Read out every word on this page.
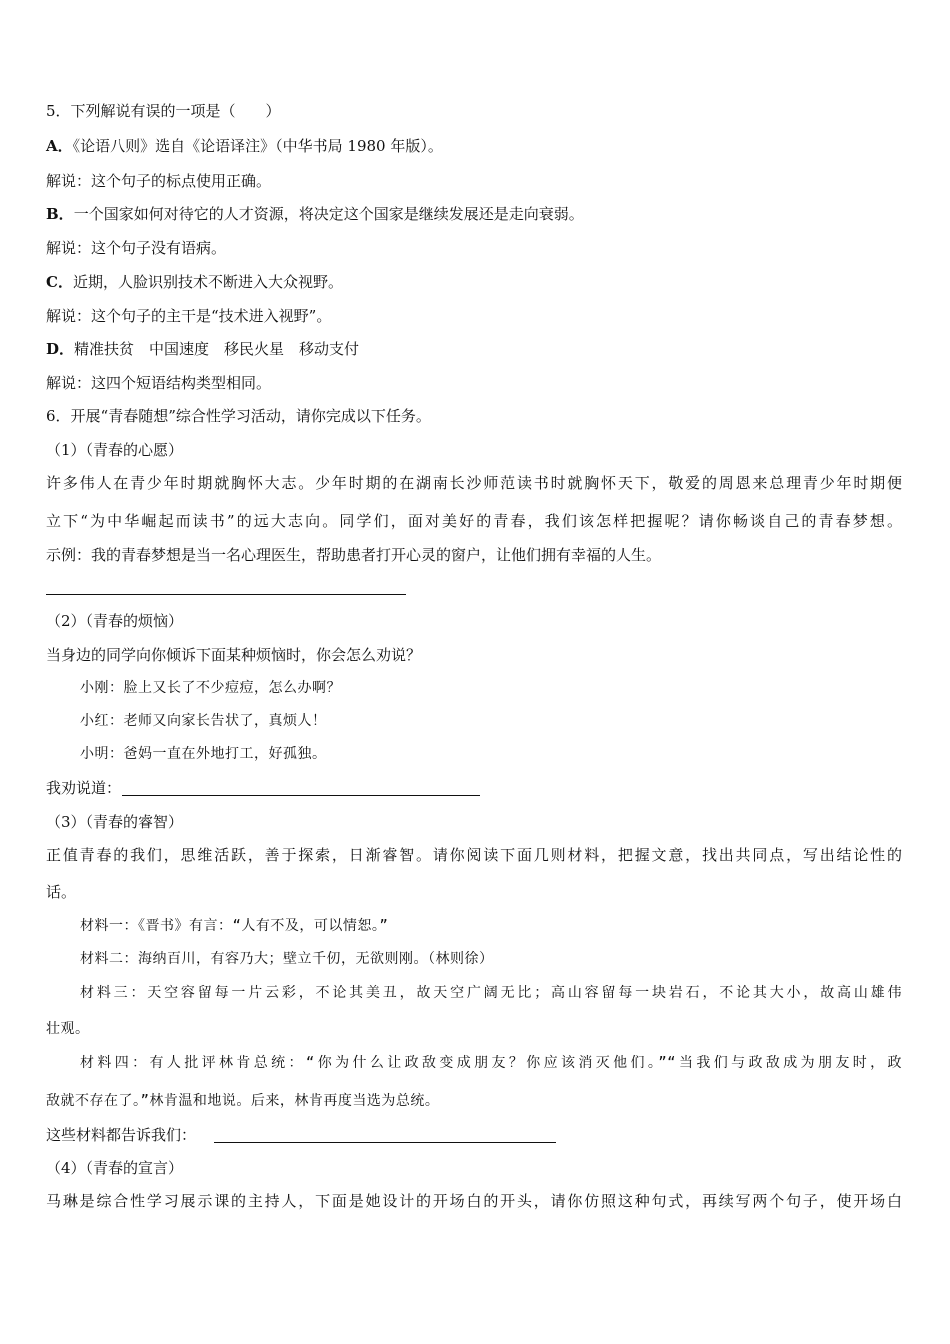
5．下列解说有误的一项是（　　）
A．《论语八则》选自《论语译注》（中华书局 1980 年版）。
解说：这个句子的标点使用正确。
B．一个国家如何对待它的人才资源，将决定这个国家是继续发展还是走向衰弱。
解说：这个句子没有语病。
C．近期，人脸识别技术不断进入大众视野。
解说：这个句子的主干是“技术进入视野”。
D．精准扶贫　中国速度　移民火星　移动支付
解说：这四个短语结构类型相同。
6．开展“青春随想”综合性学习活动，请你完成以下任务。
（1）（青春的心愿）
许多伟人在青少年时期就胸怀大志。少年时期的在湖南长沙师范读书时就胸怀天下，敬爱的周恩来总理青少年时期便
立下“为中华崛起而读书”的远大志向。同学们，面对美好的青春，我们该怎样把握呢？请你畅谈自己的青春梦想。
示例：我的青春梦想是当一名心理医生，帮助患者打开心灵的窗户，让他们拥有幸福的人生。
（2）（青春的烦恼）
当身边的同学向你倾诉下面某种烦恼时，你会怎么劝说？
小刚：脸上又长了不少痘痘，怎么办啊？
小红：老师又向家长告状了，真烦人！
小明：爸妈一直在外地打工，好孤独。
我劝说道：
（3）（青春的睿智）
正值青春的我们，思维活跃，善于探索，日渐睿智。请你阅读下面几则材料，把握文意，找出共同点，写出结论性的
话。
材料一：《晋书》有言：“人有不及，可以情恕。”
材料二：海纳百川，有容乃大；壁立千仞，无欲则刚。（林则徐）
材料三：天空容留每一片云彩，不论其美丑，故天空广阔无比；高山容留每一块岩石，不论其大小，故高山雄伟
壮观。
材料四：有人批评林肯总统：“你为什么让政敌变成朋友？你应该消灭他们。”“当我们与政敌成为朋友时，政
敌就不存在了。”林肯温和地说。后来，林肯再度当选为总统。
这些材料都告诉我们：
（4）（青春的宣言）
马琳是综合性学习展示课的主持人，下面是她设计的开场白的开头，请你仿照这种句式，再续写两个句子，使开场白
